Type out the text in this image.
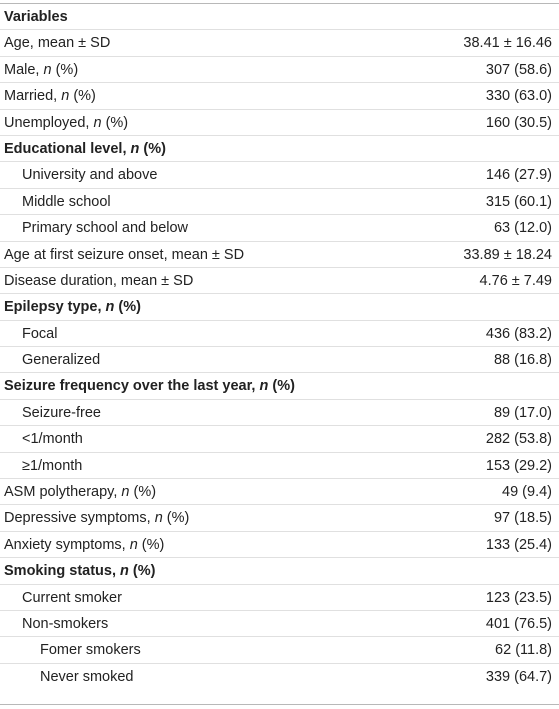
Variables
Age, mean ± SD	38.41 ± 16.46
Male, n (%)	307 (58.6)
Married, n (%)	330 (63.0)
Unemployed, n (%)	160 (30.5)
Educational level, n (%)
University and above	146 (27.9)
Middle school	315 (60.1)
Primary school and below	63 (12.0)
Age at first seizure onset, mean ± SD	33.89 ± 18.24
Disease duration, mean ± SD	4.76 ± 7.49
Epilepsy type, n (%)
Focal	436 (83.2)
Generalized	88 (16.8)
Seizure frequency over the last year, n (%)
Seizure-free	89 (17.0)
<1/month	282 (53.8)
≥1/month	153 (29.2)
ASM polytherapy, n (%)	49 (9.4)
Depressive symptoms, n (%)	97 (18.5)
Anxiety symptoms, n (%)	133 (25.4)
Smoking status, n (%)
Current smoker	123 (23.5)
Non-smokers	401 (76.5)
Fomer smokers	62 (11.8)
Never smoked	339 (64.7)
